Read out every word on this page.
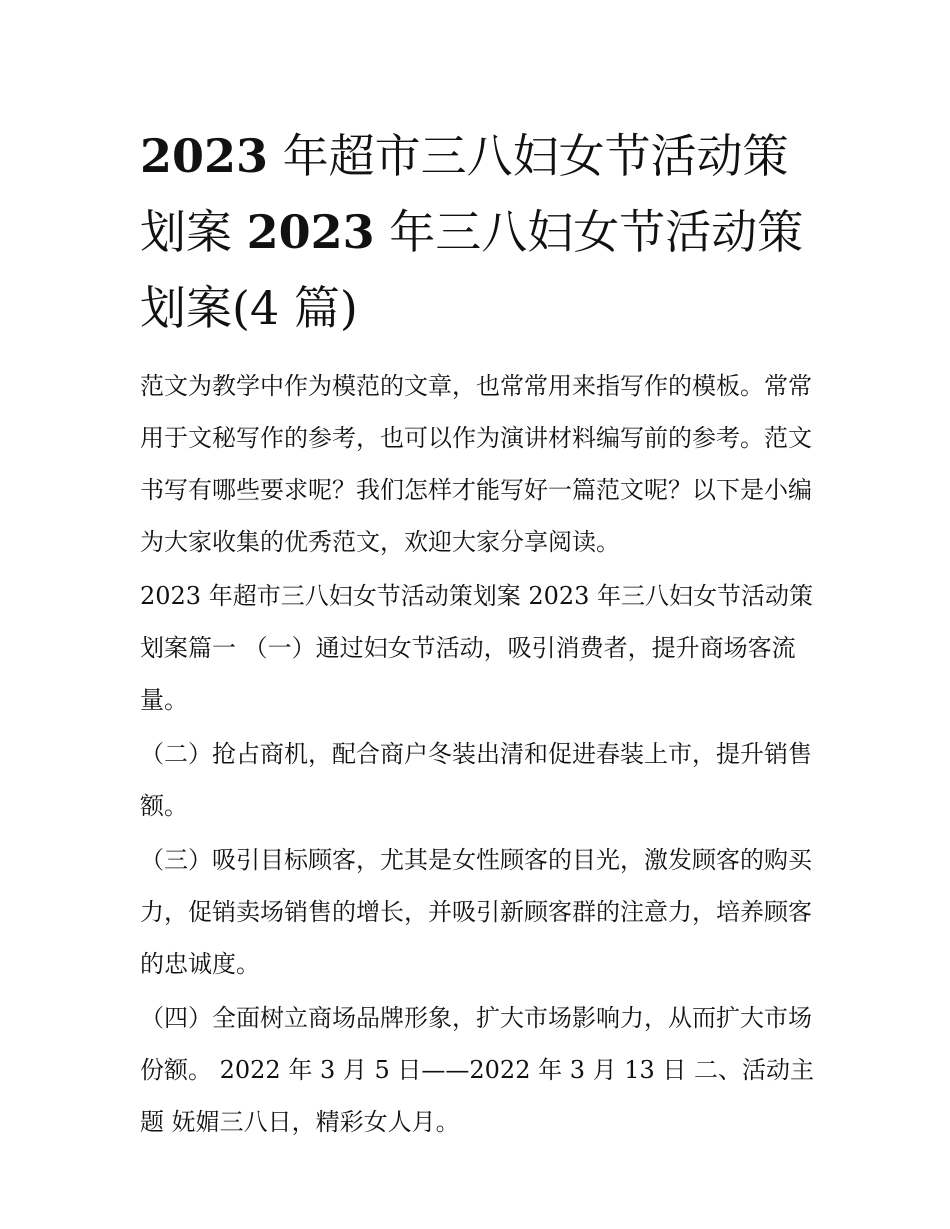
2023 年超市三八妇女节活动策划案 2023 年三八妇女节活动策划案(4 篇)

范文为教学中作为模范的文章，也常常用来指写作的模板。常常用于文秘写作的参考，也可以作为演讲材料编写前的参考。范文书写有哪些要求呢？我们怎样才能写好一篇范文呢？以下是小编为大家收集的优秀范文，欢迎大家分享阅读。

2023 年超市三八妇女节活动策划案 2023 年三八妇女节活动策划案篇一 （一）通过妇女节活动，吸引消费者，提升商场客流量。

（二）抢占商机，配合商户冬装出清和促进春装上市，提升销售额。

（三）吸引目标顾客，尤其是女性顾客的目光，激发顾客的购买力，促销卖场销售的增长，并吸引新顾客群的注意力，培养顾客的忠诚度。

（四）全面树立商场品牌形象，扩大市场影响力，从而扩大市场份额。 2022 年 3 月 5 日——2022 年 3 月 13 日 二、活动主题 妩媚三八日，精彩女人月。
